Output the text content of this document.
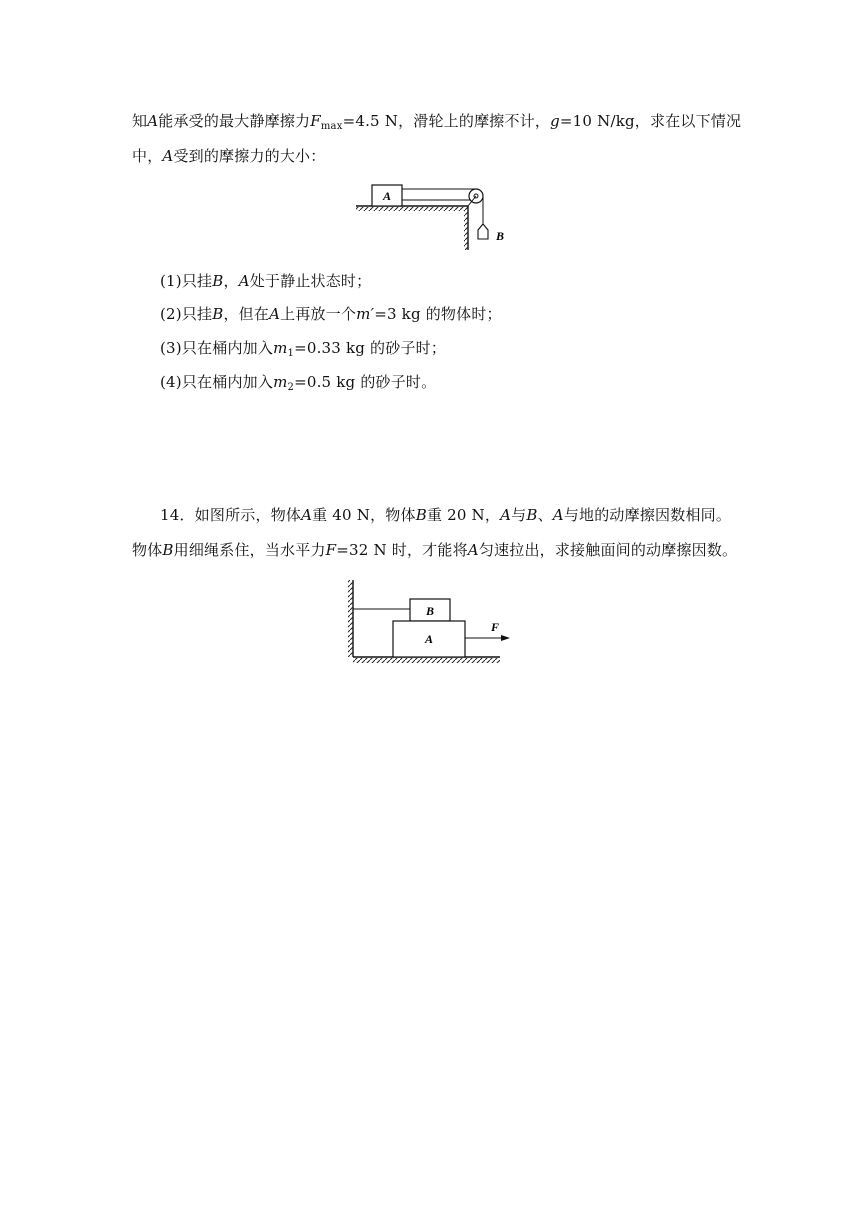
知A能承受的最大静摩擦力$F_{max}=4.5$ N，滑轮上的摩擦不计，g=10 N/kg，求在以下情况
中，A受到的摩擦力的大小：
A
B
(1)只挂B，A处于静止状态时；
(2)只挂B，但在A上再放一个m′=3 kg 的物体时；
(3)只在桶内加入$m_1=0.33$ kg 的砂子时；
(4)只在桶内加入$m_2=0.5$ kg 的砂子时。
14．如图所示，物体A重 40 N，物体B重 20 N，A与B、A与地的动摩擦因数相同。
物体B用细绳系住，当水平力F=32 N 时，才能将A匀速拉出，求接触面间的动摩擦因数。
B
A
F
